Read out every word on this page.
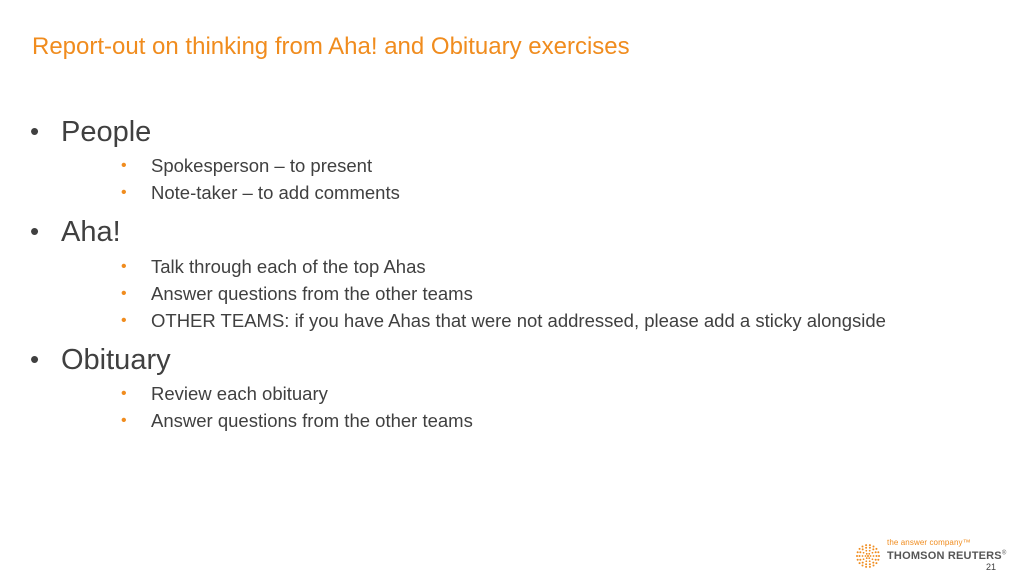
Report-out on thinking from Aha! and Obituary exercises
• People
• Spokesperson – to present
• Note-taker – to add comments
• Aha!
• Talk through each of the top Ahas
• Answer questions from the other teams
• OTHER TEAMS: if you have Ahas that were not addressed, please add a sticky alongside
• Obituary
• Review each obituary
• Answer questions from the other teams
the answer company™
THOMSON REUTERS®
21
